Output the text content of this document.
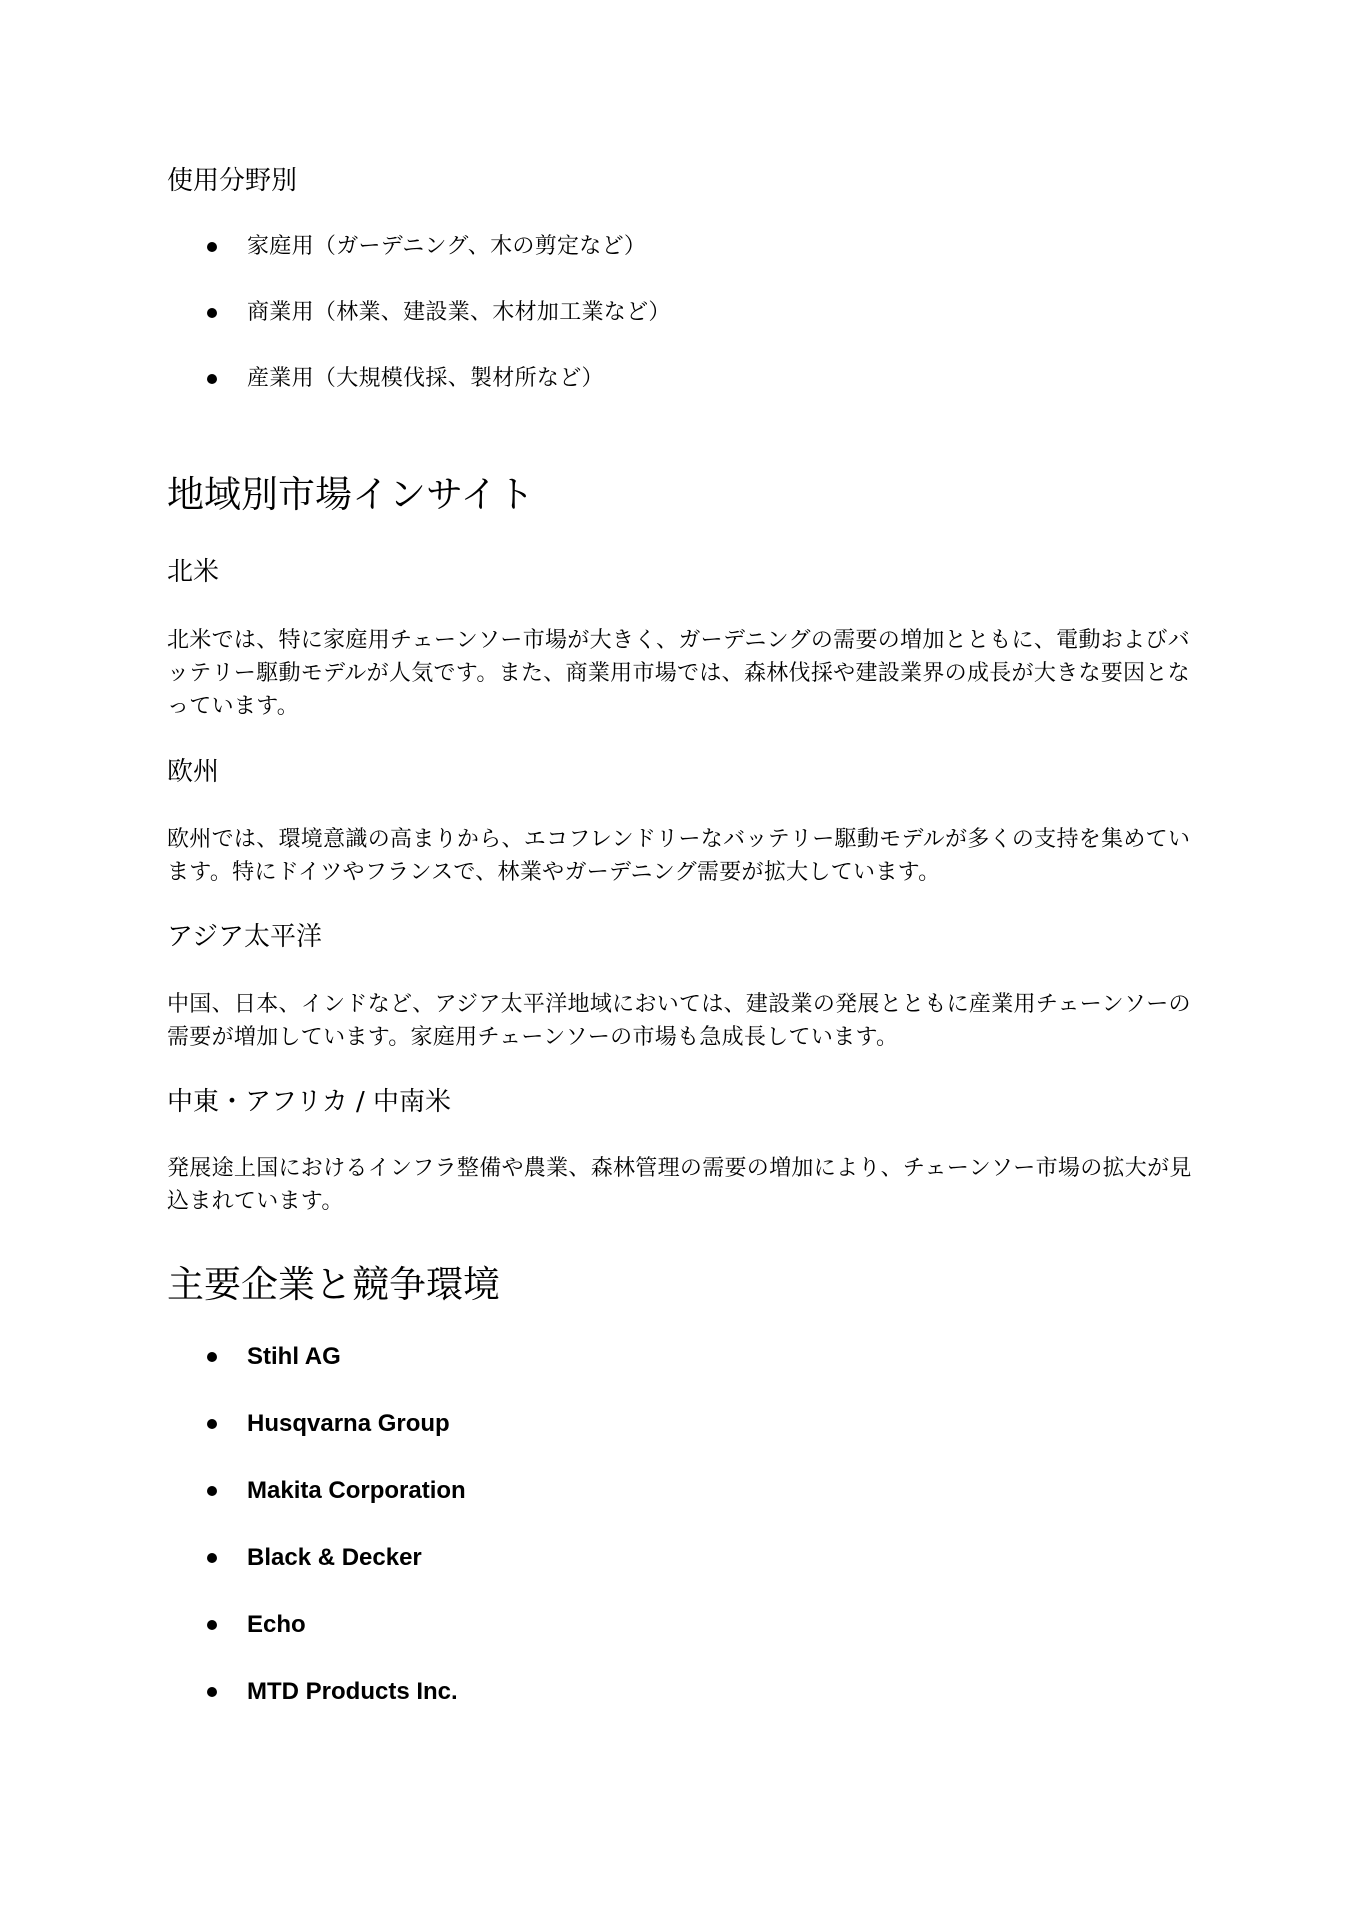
使用分野別
家庭用（ガーデニング、木の剪定など）
商業用（林業、建設業、木材加工業など）
産業用（大規模伐採、製材所など）
地域別市場インサイト
北米

北米では、特に家庭用チェーンソー市場が大きく、ガーデニングの需要の増加とともに、電動およびバッテリー駆動モデルが人気です。また、商業用市場では、森林伐採や建設業界の成長が大きな要因となっています。

欧州

欧州では、環境意識の高まりから、エコフレンドリーなバッテリー駆動モデルが多くの支持を集めています。特にドイツやフランスで、林業やガーデニング需要が拡大しています。

アジア太平洋

中国、日本、インドなど、アジア太平洋地域においては、建設業の発展とともに産業用チェーンソーの需要が増加しています。家庭用チェーンソーの市場も急成長しています。

中東・アフリカ / 中南米

発展途上国におけるインフラ整備や農業、森林管理の需要の増加により、チェーンソー市場の拡大が見込まれています。

主要企業と競争環境
Stihl AG
Husqvarna Group
Makita Corporation
Black & Decker
Echo
MTD Products Inc.
